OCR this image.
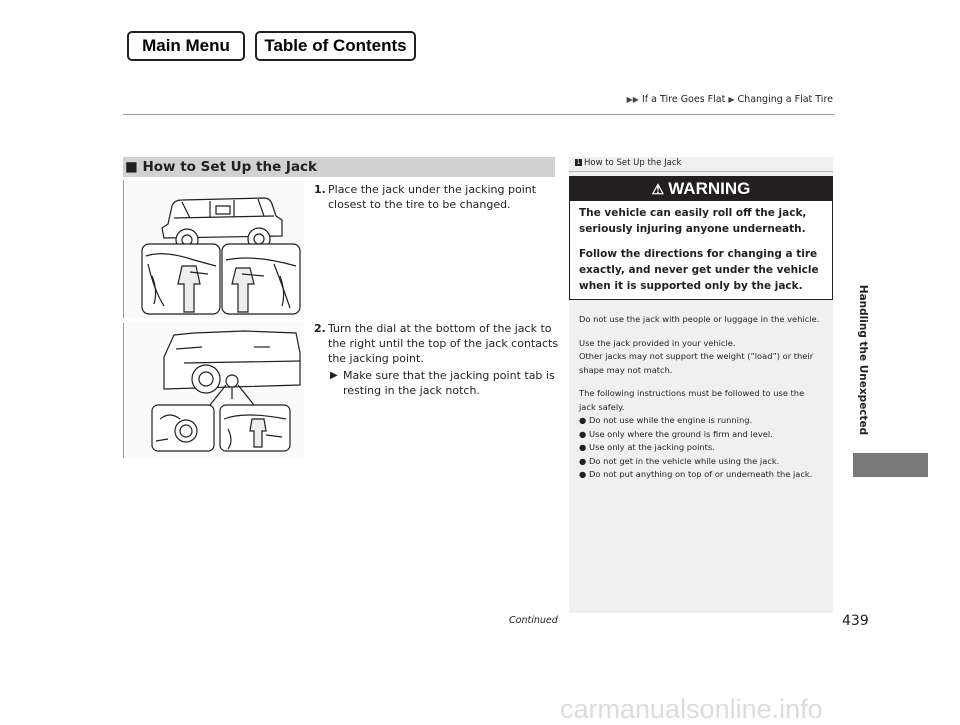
Main Menu	Table of Contents
▶▶ If a Tire Goes Flat ▶ Changing a Flat Tire
Handling the Unexpected
■ How to Set Up the Jack
1. Place the jack under the jacking point closest to the tire to be changed.
2. Turn the dial at the bottom of the jack to the right until the top of the jack contacts the jacking point.
▶ Make sure that the jacking point tab is resting in the jack notch.
1 How to Set Up the Jack
⚠ WARNING
The vehicle can easily roll off the jack, seriously injuring anyone underneath.
Follow the directions for changing a tire exactly, and never get under the vehicle when it is supported only by the jack.

Do not use the jack with people or luggage in the vehicle.

Use the jack provided in your vehicle.

Other jacks may not support the weight (“load”) or their shape may not match.

The following instructions must be followed to use the jack safely.

● Do not use while the engine is running.
● Use only where the ground is firm and level.
● Use only at the jacking points.
● Do not get in the vehicle while using the jack.
● Do not put anything on top of or underneath the jack.
Continued	439
carmanualsonline.info
